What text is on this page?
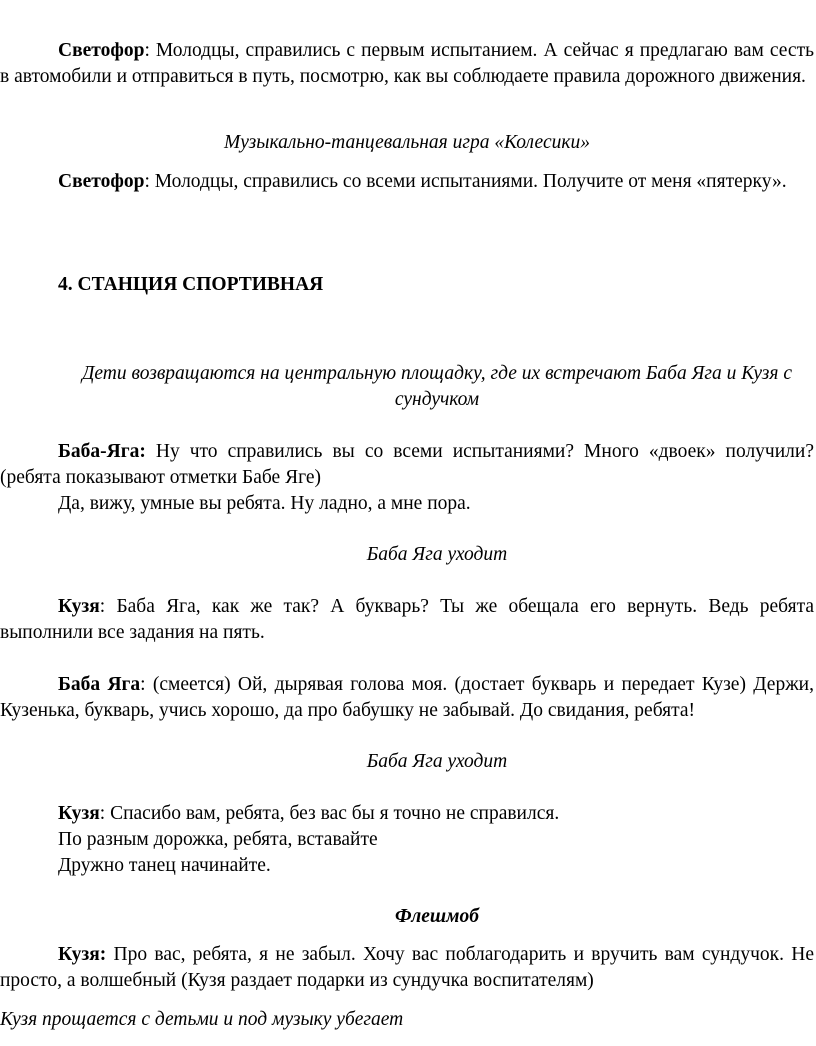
Светофор: Молодцы, справились с первым испытанием. А сейчас я предлагаю вам сесть в автомобили и отправиться в путь, посмотрю, как вы соблюдаете правила дорожного движения.

Музыкально-танцевальная игра «Колесики»

Светофор: Молодцы, справились со всеми испытаниями. Получите от меня «пятерку».

4. СТАНЦИЯ СПОРТИВНАЯ

Дети возвращаются на центральную площадку, где их встречают Баба Яга и Кузя с сундучком

Баба-Яга: Ну что справились вы со всеми испытаниями? Много «двоек» получили? (ребята показывают отметки Бабе Яге)

Да, вижу, умные вы ребята. Ну ладно, а мне пора.

Баба Яга уходит

Кузя: Баба Яга, как же так? А букварь? Ты же обещала его вернуть. Ведь ребята выполнили все задания на пять.

Баба Яга: (смеется) Ой, дырявая голова моя. (достает букварь и передает Кузе) Держи, Кузенька, букварь, учись хорошо, да про бабушку не забывай. До свидания, ребята!

Баба Яга уходит

Кузя: Спасибо вам, ребята, без вас бы я точно не справился.

По разным дорожка, ребята, вставайте

Дружно танец начинайте.

Флешмоб

Кузя: Про вас, ребята, я не забыл. Хочу вас поблагодарить и вручить вам сундучок. Не просто, а волшебный (Кузя раздает подарки из сундучка воспитателям)

Кузя прощается с детьми и под музыку убегает
